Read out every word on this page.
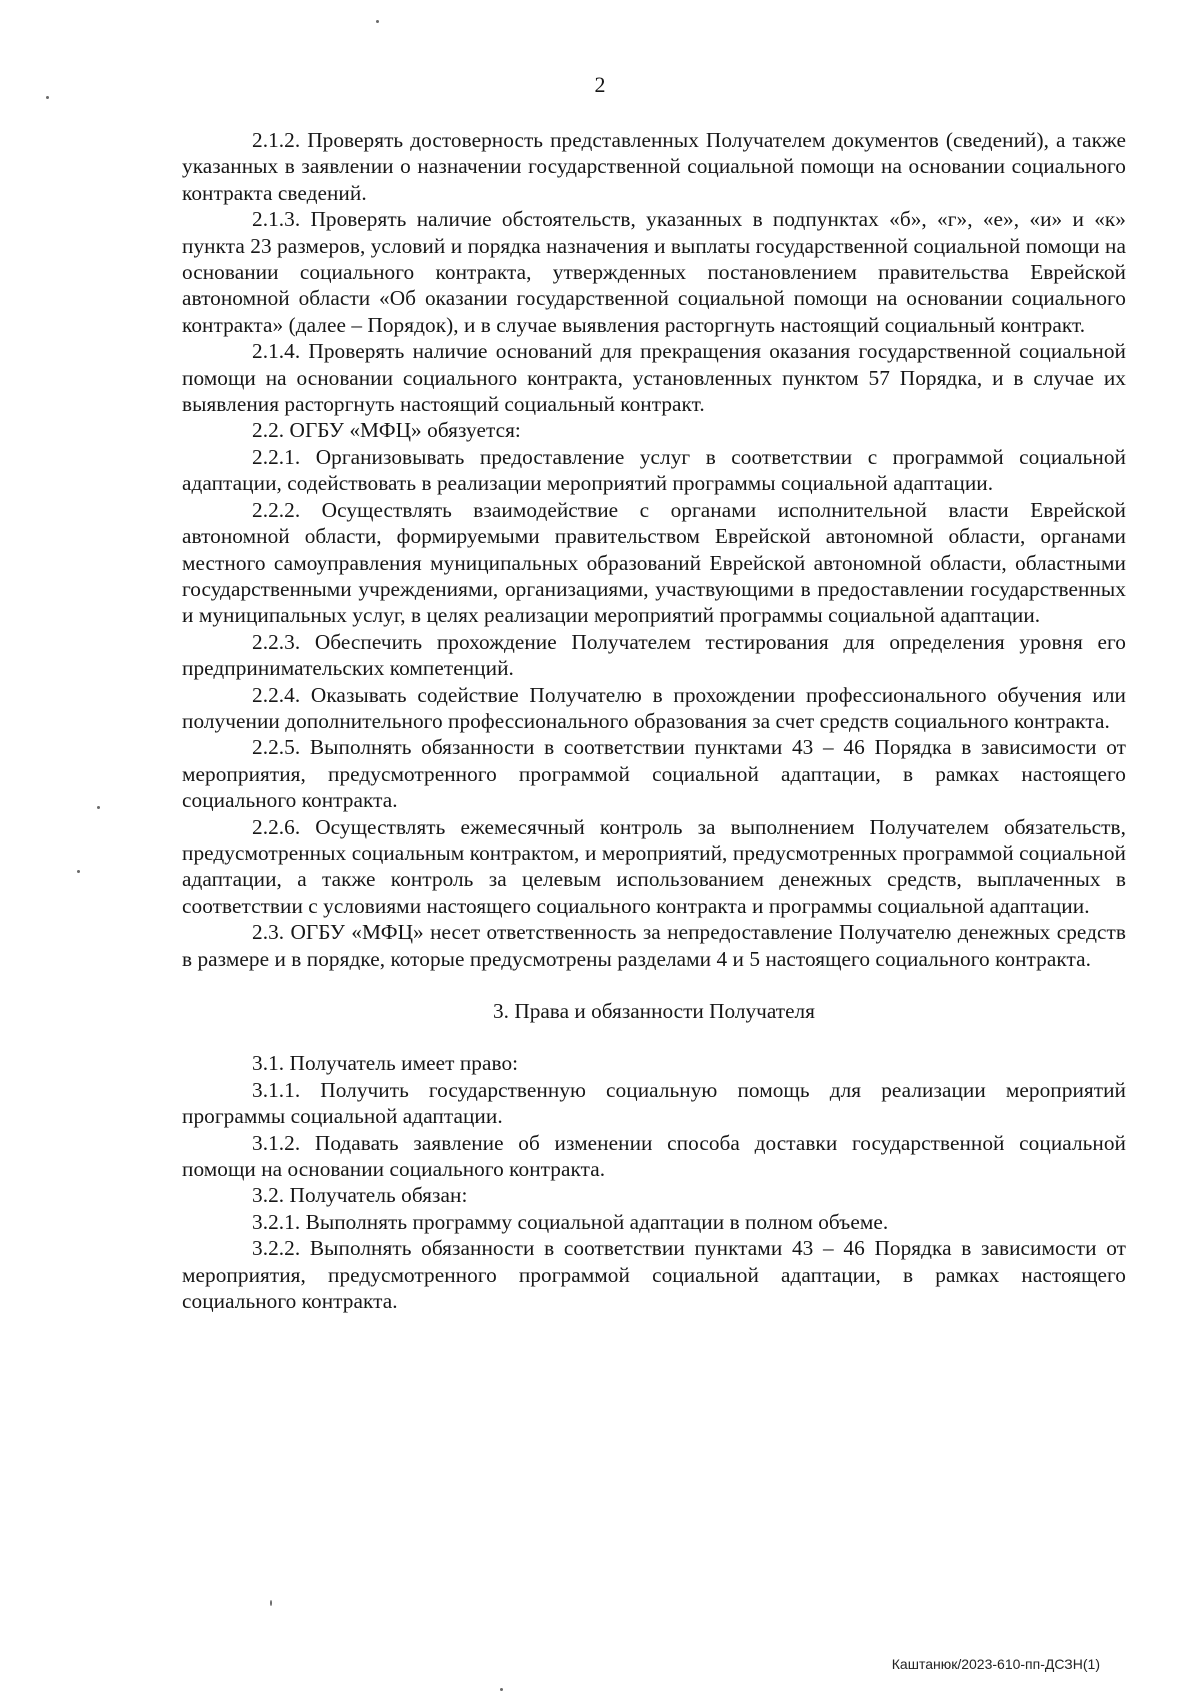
2

2.1.2. Проверять достоверность представленных Получателем документов (сведений), а также указанных в заявлении о назначении государственной социальной помощи на основании социального контракта сведений.

2.1.3. Проверять наличие обстоятельств, указанных в подпунктах «б», «г», «е», «и» и «к» пункта 23 размеров, условий и порядка назначения и выплаты государственной социальной помощи на основании социального контракта, утвержденных постановлением правительства Еврейской автономной области «Об оказании государственной социальной помощи на основании социального контракта» (далее – Порядок), и в случае выявления расторгнуть настоящий социальный контракт.

2.1.4. Проверять наличие оснований для прекращения оказания государственной социальной помощи на основании социального контракта, установленных пунктом 57 Порядка, и в случае их выявления расторгнуть настоящий социальный контракт.

2.2. ОГБУ «МФЦ» обязуется:

2.2.1. Организовывать предоставление услуг в соответствии с программой социальной адаптации, содействовать в реализации мероприятий программы социальной адаптации.

2.2.2. Осуществлять взаимодействие с органами исполнительной власти Еврейской автономной области, формируемыми правительством Еврейской автономной области, органами местного самоуправления муниципальных образований Еврейской автономной области, областными государственными учреждениями, организациями, участвующими в предоставлении государственных и муниципальных услуг, в целях реализации мероприятий программы социальной адаптации.

2.2.3. Обеспечить прохождение Получателем тестирования для определения уровня его предпринимательских компетенций.

2.2.4. Оказывать содействие Получателю в прохождении профессионального обучения или получении дополнительного профессионального образования за счет средств социального контракта.

2.2.5. Выполнять обязанности в соответствии пунктами 43 – 46 Порядка в зависимости от мероприятия, предусмотренного программой социальной адаптации, в рамках настоящего социального контракта.

2.2.6. Осуществлять ежемесячный контроль за выполнением Получателем обязательств, предусмотренных социальным контрактом, и мероприятий, предусмотренных программой социальной адаптации, а также контроль за целевым использованием денежных средств, выплаченных в соответствии с условиями настоящего социального контракта и программы социальной адаптации.

2.3. ОГБУ «МФЦ» несет ответственность за непредоставление Получателю денежных средств в размере и в порядке, которые предусмотрены разделами 4 и 5 настоящего социального контракта.

3. Права и обязанности Получателя

3.1. Получатель имеет право:

3.1.1. Получить государственную социальную помощь для реализации мероприятий программы социальной адаптации.

3.1.2. Подавать заявление об изменении способа доставки государственной социальной помощи на основании социального контракта.

3.2. Получатель обязан:

3.2.1. Выполнять программу социальной адаптации в полном объеме.

3.2.2. Выполнять обязанности в соответствии пунктами 43 – 46 Порядка в зависимости от мероприятия, предусмотренного программой социальной адаптации, в рамках настоящего социального контракта.

Каштанюк/2023-610-пп-ДСЗН(1)
